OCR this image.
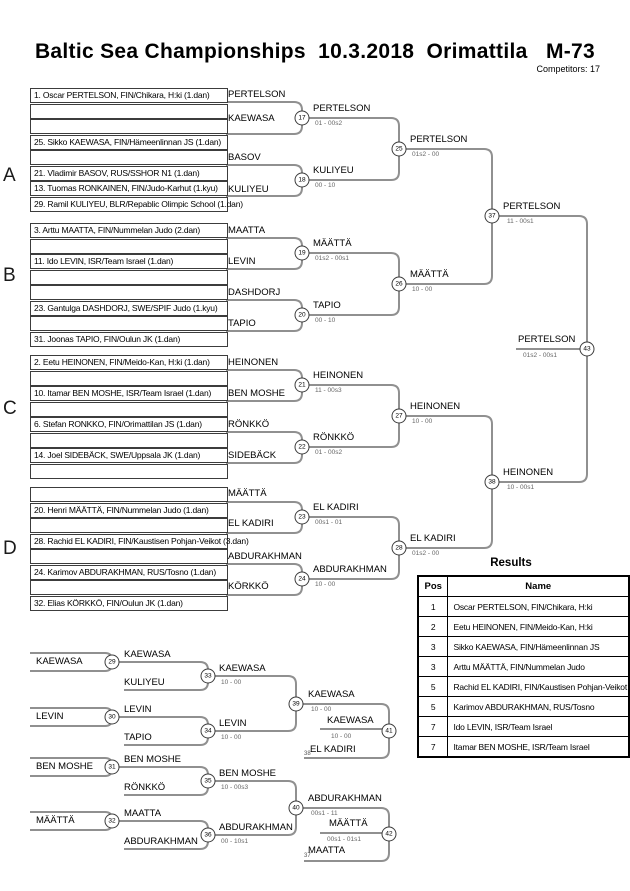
Baltic Sea Championships  10.3.2018  Orimattila   M-73
Competitors: 17
A
B
C
D
1. Oscar PERTELSON, FIN/Chikara, H:ki (1.dan)
25. Sikko KAEWASA, FIN/Hämeenlinnan JS (1.dan)
21. Vladimir BASOV, RUS/SSHOR N1 (1.dan)
13. Tuomas RONKAINEN, FIN/Judo-Karhut (1.kyu)
29. Ramil KULIYEU, BLR/Repablic Olimpic School (1.dan)
3. Arttu MAATTA, FIN/Nummelan Judo (2.dan)
11. Ido LEVIN, ISR/Team Israel (1.dan)
23. Gantulga DASHDORJ, SWE/SPIF Judo (1.kyu)
31. Joonas TAPIO, FIN/Oulun JK (1.dan)
2. Eetu HEINONEN, FIN/Meido-Kan, H:ki (1.dan)
10. Itamar BEN MOSHE, ISR/Team Israel (1.dan)
6. Stefan RONKKO, FIN/Orimattilan JS (1.dan)
14. Joel SIDEBÄCK, SWE/Uppsala JK (1.dan)
20. Henri MÄÄTTÄ, FIN/Nummelan Judo (1.dan)
28. Rachid EL KADIRI, FIN/Kaustisen Pohjan-Veikot (3.dan)
24. Karimov ABDURAKHMAN, RUS/Tosno (1.dan)
32. Elias KÖRKKÖ, FIN/Oulun JK (1.dan)
PERTELSON
KAEWASA
BASOV
KULIYEU
MAATTA
LEVIN
DASHDORJ
TAPIO
HEINONEN
BEN MOSHE
RÖNKKÖ
SIDEBÄCK
MÄÄTTÄ
EL KADIRI
ABDURAKHMAN
KÖRKKÖ
17
18
19
20
21
22
23
24
25
26
27
28
37
38
43
PERTELSON
01 - 00s2
KULIYEU
00 - 10
MÄÄTTÄ
01s2 - 00s1
TAPIO
00 - 10
HEINONEN
11 - 00s3
RÖNKKÖ
01 - 00s2
EL KADIRI
00s1 - 01
ABDURAKHMAN
10 - 00
PERTELSON
01s2 - 00
MÄÄTTÄ
10 - 00
HEINONEN
10 - 00
EL KADIRI
01s2 - 00
PERTELSON
11 - 00s1
HEINONEN
10 - 00s1
PERTELSON
01s2 - 00s1
29
30
31
32
33
34
35
36
39
40
41
42
KAEWASA
LEVIN
BEN MOSHE
MÄÄTTÄ
KAEWASA
KULIYEU
KAEWASA
10 - 00
LEVIN
TAPIO
LEVIN
10 - 00
BEN MOSHE
RÖNKKÖ
BEN MOSHE
10 - 00s3
MAATTA
ABDURAKHMAN
ABDURAKHMAN
00 - 10s1
KAEWASA
10 - 00
ABDURAKHMAN
00s1 - 11
KAEWASA
10 - 00
EL KADIRI
38
MÄÄTTÄ
00s1 - 01s1
MAATTA
37
Results
Pos	Name
1	Oscar PERTELSON, FIN/Chikara, H:ki
2	Eetu HEINONEN, FIN/Meido-Kan, H:ki
3	Sikko KAEWASA, FIN/Hämeenlinnan JS
3	Arttu MÄÄTTÄ, FIN/Nummelan Judo
5	Rachid EL KADIRI, FIN/Kaustisen Pohjan-Veikot
5	Karimov ABDURAKHMAN, RUS/Tosno
7	Ido LEVIN, ISR/Team Israel
7	Itamar BEN MOSHE, ISR/Team Israel
